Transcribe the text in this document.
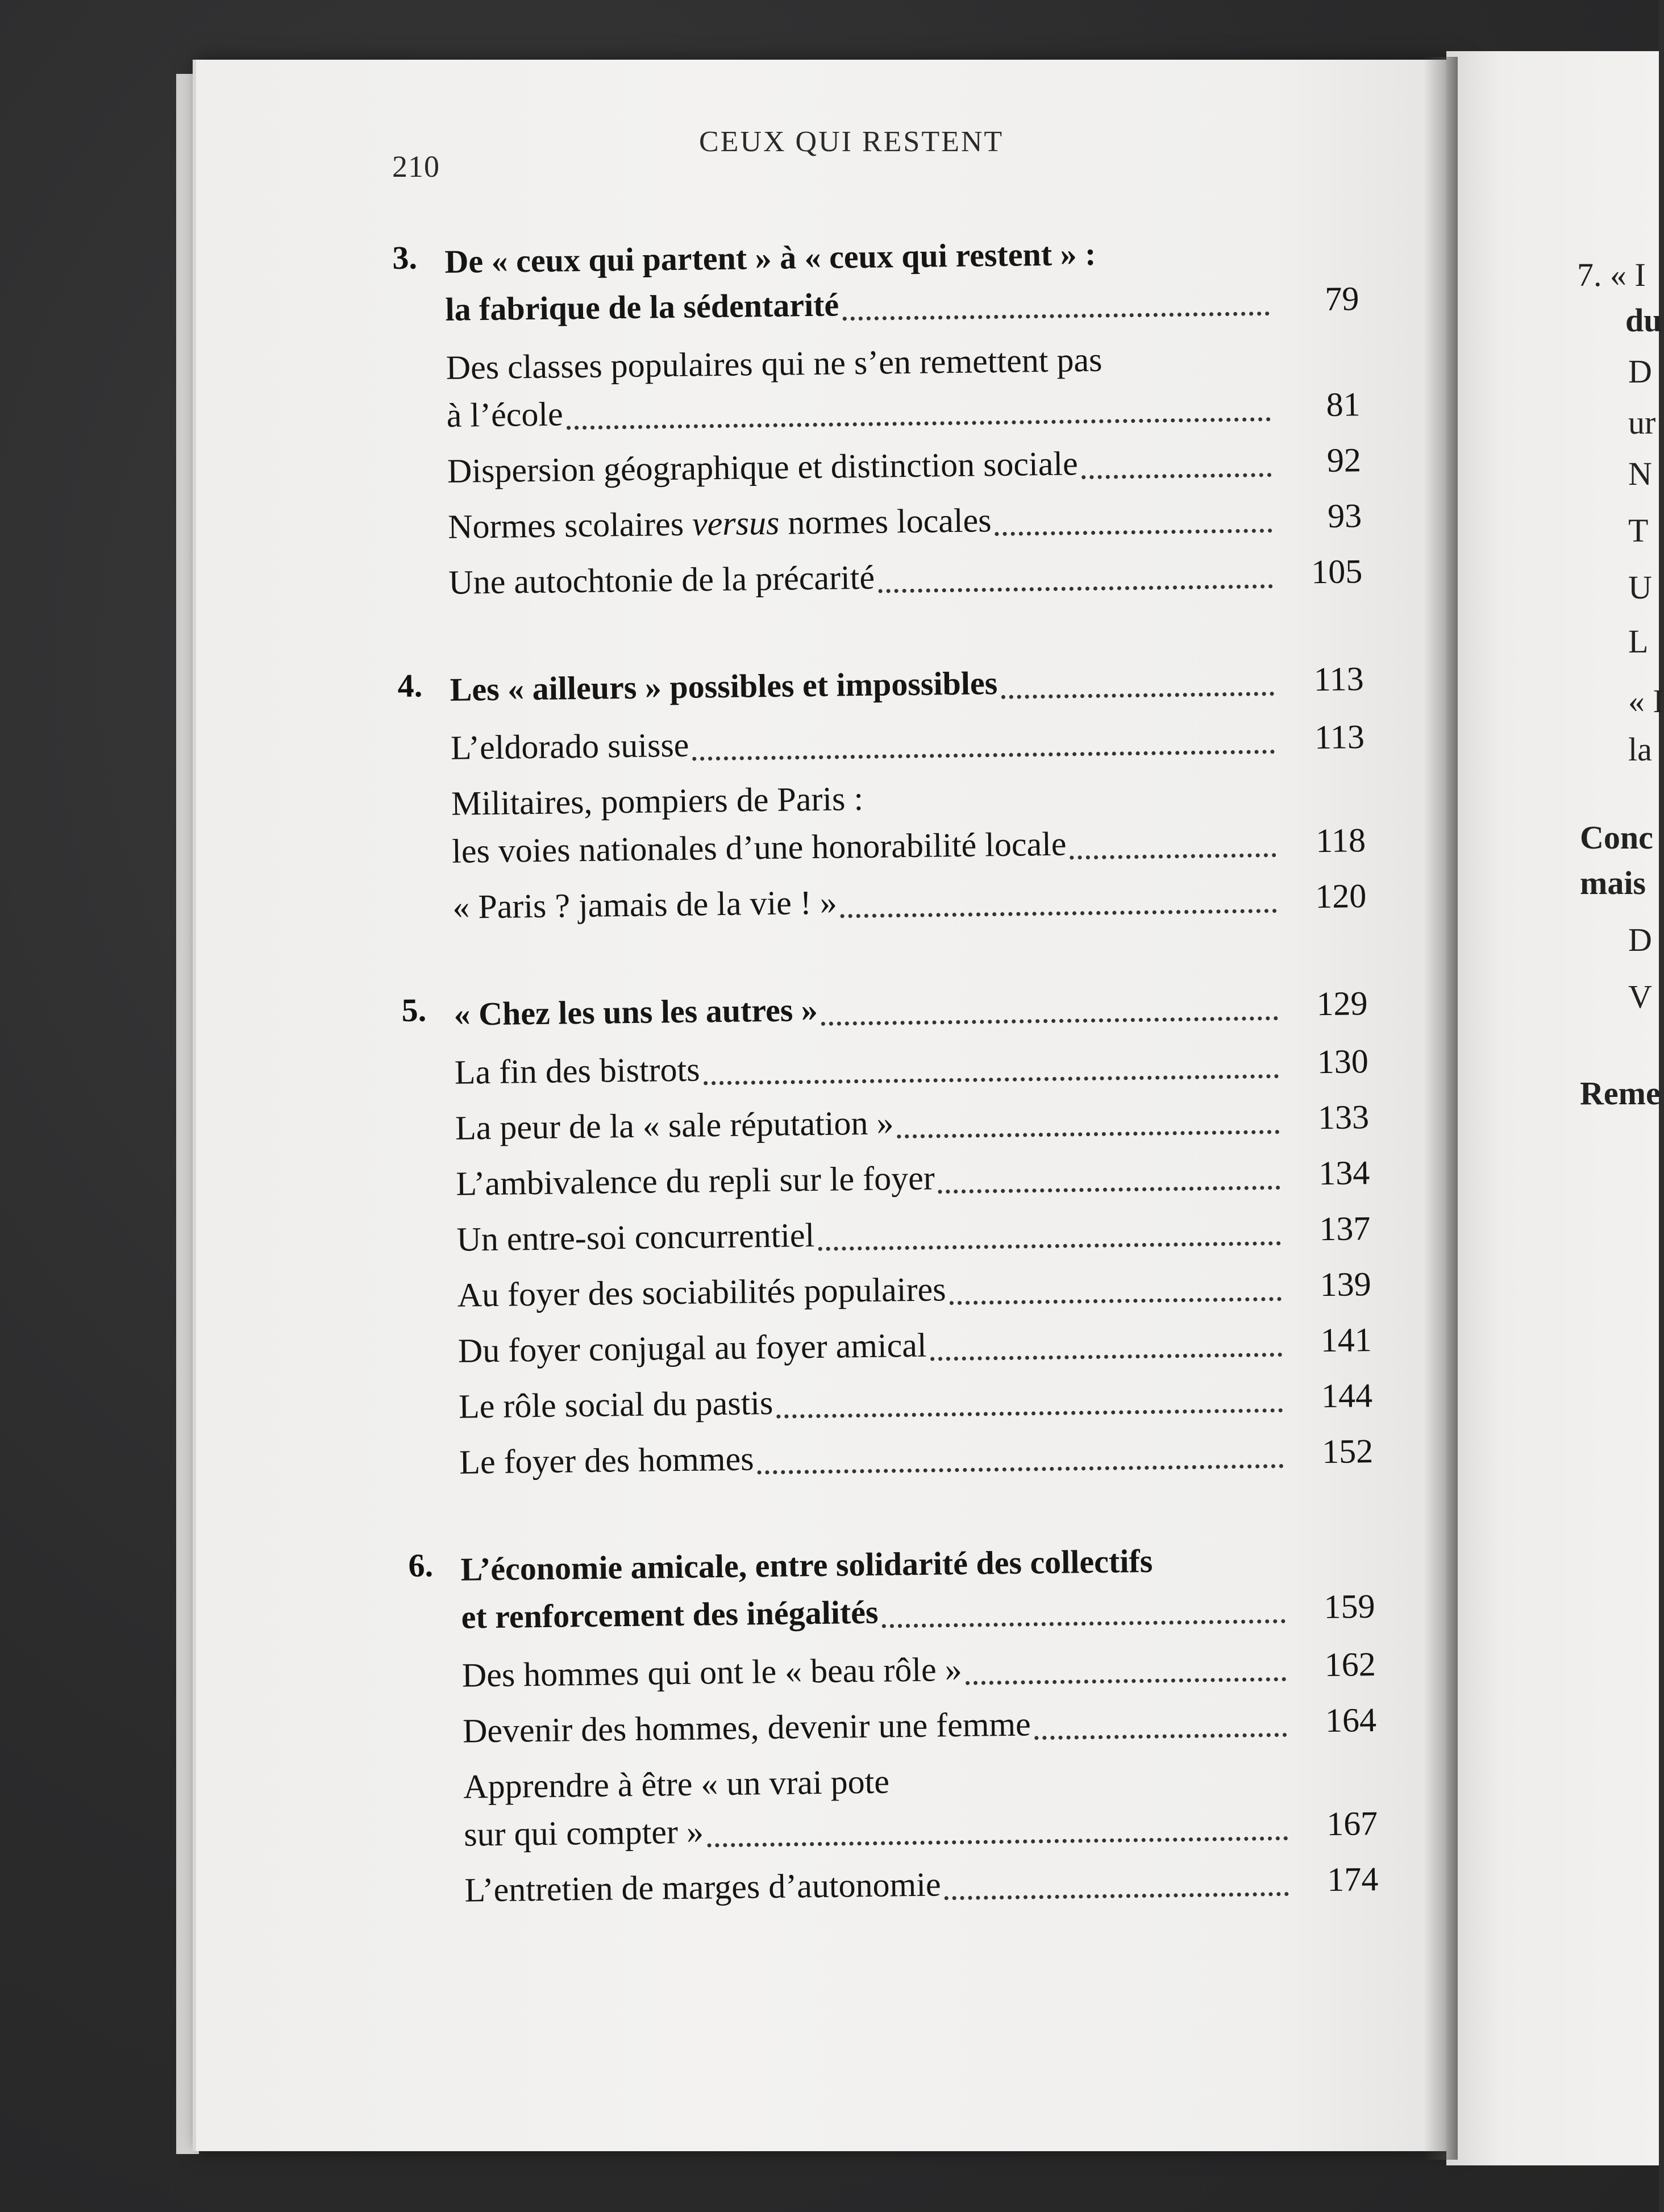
7. « I
du
D
ur
N
T
U
L
« I
la
Conc
mais
D
V
Reme
210
CEUX QUI RESTENT
3. De « ceux qui partent » à « ceux qui restent » :
la fabrique de la sédentarité	79
Des classes populaires qui ne s’en remettent pas
à l’école	81
Dispersion géographique et distinction sociale	92
Normes scolaires versus normes locales	93
Une autochtonie de la précarité	105
4. Les « ailleurs » possibles et impossibles	113
L’eldorado suisse	113
Militaires, pompiers de Paris :
les voies nationales d’une honorabilité locale	118
« Paris ? jamais de la vie ! »	120
5. « Chez les uns les autres »	129
La fin des bistrots	130
La peur de la « sale réputation »	133
L’ambivalence du repli sur le foyer	134
Un entre-soi concurrentiel	137
Au foyer des sociabilités populaires	139
Du foyer conjugal au foyer amical	141
Le rôle social du pastis	144
Le foyer des hommes	152
6. L’économie amicale, entre solidarité des collectifs
et renforcement des inégalités	159
Des hommes qui ont le « beau rôle »	162
Devenir des hommes, devenir une femme	164
Apprendre à être « un vrai pote
sur qui compter »	167
L’entretien de marges d’autonomie	174
